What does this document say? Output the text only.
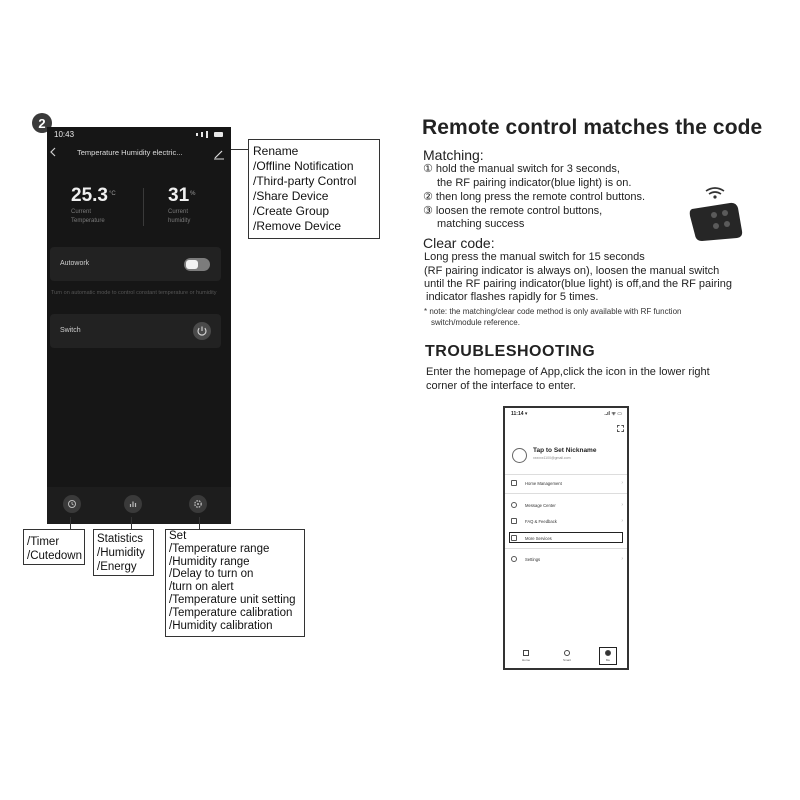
2
10:43
Temperature Humidity electric...
$25.3^{^\circ C}$
Current
Temperature
31%
Current
humidity
Autowork
Turn on automatic mode to control constant temperature or humidity
Switch
Rename
/Offline Notification
/Third-party Control
/Share Device
/Create Group
/Remove Device
/Timer
/Cutedown
Statistics
/Humidity
/Energy
Set
/Temperature range
/Humidity range
/Delay to turn on
/turn on alert
/Temperature unit setting
/Temperature calibration
/Humidity calibration
Remote control matches the code
Matching:
① hold the manual switch for 3 seconds,
the RF pairing indicator(blue light) is on.
② then long press the remote control buttons.
③ loosen the remote control buttons,
matching success
Clear code:
Long press the manual switch for 15 seconds
(RF pairing indicator is always on), loosen the manual switch
until the RF pairing indicator(blue light) is off,and the RF pairing
indicator flashes rapidly for 5 times.
* note: the matching/clear code method is only available with RF function
switch/module reference.
TROUBLESHOOTING
Enter the homepage of App,click the icon in the lower right
corner of the interface to enter.
11:14 ▾	..ıl ᯤ ▭
Tap to Set Nickname
xxxxxx1100@gmail.com
Home Management	›
Message Center	›
FAQ & Feedback	›
More Services
Settings	›
Home	Smart	Me
